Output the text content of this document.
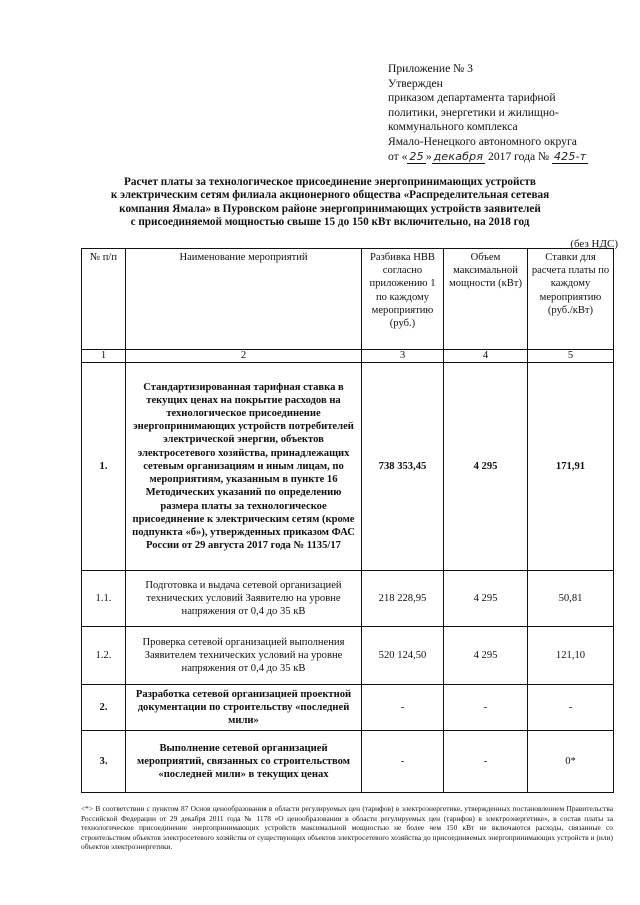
Приложение № 3
Утвержден
приказом департамента тарифной
политики, энергетики и жилищно-
коммунального комплекса
Ямало-Ненецкого автономного округа
от « 25 » декабря 2017 года № 425-т
Расчет платы за технологическое присоединение энергопринимающих устройств
к электрическим сетям филиала акционерного общества «Распределительная сетевая
компания Ямала» в Пуровском районе энергопринимающих устройств заявителей
с присоединяемой мощностью свыше 15 до 150 кВт включительно, на 2018 год
(без НДС)
№ п/п	Наименование мероприятий	Разбивка НВВ согласно приложению 1 по каждому мероприятию (руб.)	Объем максимальной мощности (кВт)	Ставки для расчета платы по каждому мероприятию (руб./кВт)
1	2	3	4	5
1.	Стандартизированная тарифная ставка в текущих ценах на покрытие расходов на технологическое присоединение энергопринимающих устройств потребителей электрической энергии, объектов электросетевого хозяйства, принадлежащих сетевым организациям и иным лицам, по мероприятиям, указанным в пункте 16 Методических указаний по определению размера платы за технологическое присоединение к электрическим сетям (кроме подпункта «б»), утвержденных приказом ФАС России от 29 августа 2017 года № 1135/17	738 353,45	4 295	171,91
1.1.	Подготовка и выдача сетевой организацией технических условий Заявителю на уровне напряжения от 0,4 до 35 кВ	218 228,95	4 295	50,81
1.2.	Проверка сетевой организацией выполнения Заявителем технических условий на уровне напряжения от 0,4 до 35 кВ	520 124,50	4 295	121,10
2.	Разработка сетевой организацией проектной документации по строительству «последней мили»	-	-	-
3.	Выполнение сетевой организацией мероприятий, связанных со строительством «последней мили» в текущих ценах	-	-	0*
<*> В соответствии с пунктом 87 Основ ценообразования в области регулируемых цен (тарифов) в электроэнергетике, утвержденных постановлением Правительства Российской Федерации от 29 декабря 2011 года № 1178 «О ценообразовании в области регулируемых цен (тарифов) в электроэнергетике», в состав платы за технологическое присоединение энергопринимающих устройств максимальной мощностью не более чем 150 кВт не включаются расходы, связанные со строительством объектов электросетевого хозяйства от существующих объектов электросетевого хозяйства до присоединяемых энергопринимающих устройств и (или) объектов электроэнергетики.
